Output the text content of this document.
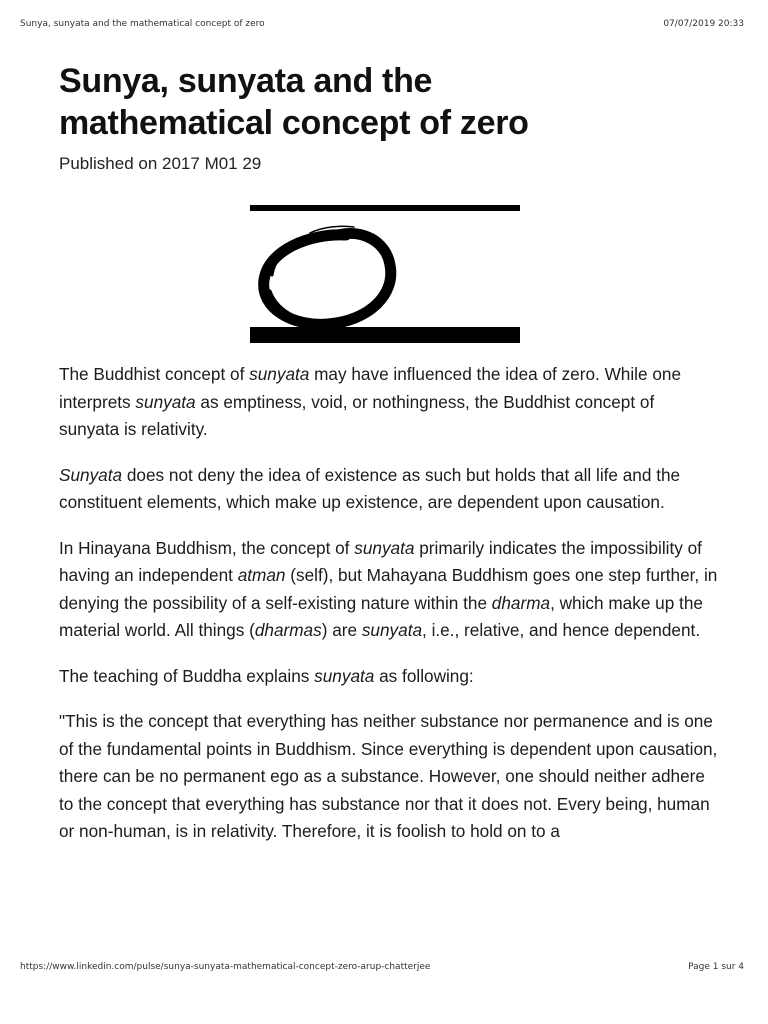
Sunya, sunyata and the mathematical concept of zero	07/07/2019 20:33
Sunya, sunyata and the
mathematical concept of zero
Published on 2017 M01 29

The Buddhist concept of sunyata may have influenced the idea of zero. While one interprets sunyata as emptiness, void, or nothingness, the Buddhist concept of sunyata is relativity.

Sunyata does not deny the idea of existence as such but holds that all life and the constituent elements, which make up existence, are dependent upon causation.

In Hinayana Buddhism, the concept of sunyata primarily indicates the impossibility of having an independent atman (self), but Mahayana Buddhism goes one step further, in denying the possibility of a self-existing nature within the dharma, which make up the material world. All things (dharmas) are sunyata, i.e., relative, and hence dependent.

The teaching of Buddha explains sunyata as following:

"This is the concept that everything has neither substance nor permanence and is one of the fundamental points in Buddhism. Since everything is dependent upon causation, there can be no permanent ego as a substance. However, one should neither adhere to the concept that everything has substance nor that it does not. Every being, human or non-human, is in relativity. Therefore, it is foolish to hold on to a

https://www.linkedin.com/pulse/sunya-sunyata-mathematical-concept-zero-arup-chatterjee	Page 1 sur 4
